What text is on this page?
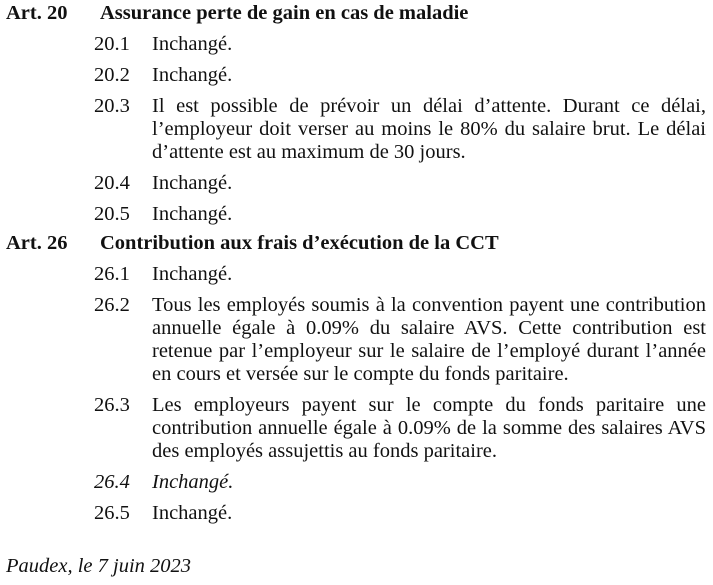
Art. 20	Assurance perte de gain en cas de maladie
20.1	Inchangé.
20.2	Inchangé.
20.3	Il est possible de prévoir un délai d’attente. Durant ce délai, l’employeur doit verser au moins le 80% du salaire brut. Le délai d’attente est au maximum de 30 jours.
20.4	Inchangé.
20.5	Inchangé.
Art. 26	Contribution aux frais d’exécution de la CCT
26.1	Inchangé.
26.2	Tous les employés soumis à la convention payent une contribution annuelle égale à 0.09% du salaire AVS. Cette contribution est retenue par l’employeur sur le salaire de l’employé durant l’année en cours et versée sur le compte du fonds paritaire.
26.3	Les employeurs payent sur le compte du fonds paritaire une contribution annuelle égale à 0.09% de la somme des salaires AVS des employés assujettis au fonds paritaire.
26.4	Inchangé.
26.5	Inchangé.
Paudex, le 7 juin 2023
